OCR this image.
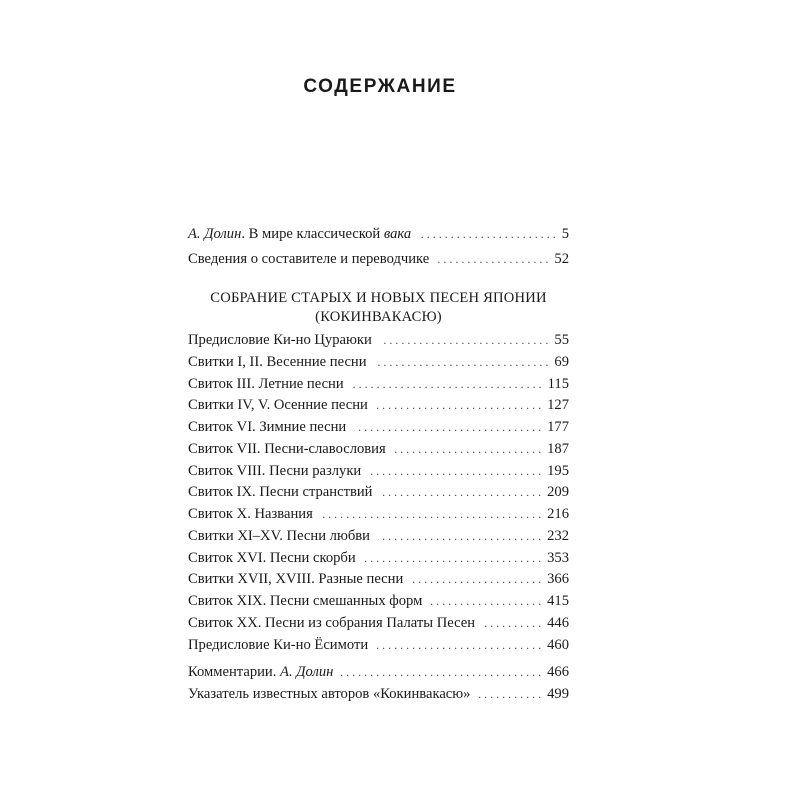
СОДЕРЖАНИЕ
А. Долин. В мире классической вака . . .	5
Сведения о составителе и переводчике . . .	52
СОБРАНИЕ СТАРЫХ И НОВЫХ ПЕСЕН ЯПОНИИ
(КОКИНВАКАСЮ)
Предисловие Ки-но Цураюки . . .	55
Свитки I, II. Весенние песни . . .	69
Свиток III. Летние песни . . .	115
Свитки IV, V. Осенние песни . . .	127
Свиток VI. Зимние песни . . .	177
Свиток VII. Песни-славословия . . .	187
Свиток VIII. Песни разлуки . . .	195
Свиток IX. Песни странствий . . .	209
Свиток X. Названия . . .	216
Свитки XI–XV. Песни любви . . .	232
Свиток XVI. Песни скорби . . .	353
Свитки XVII, XVIII. Разные песни . . .	366
Свиток XIX. Песни смешанных форм . . .	415
Свиток XX. Песни из собрания Палаты Песен . . .	446
Предисловие Ки-но Ёсимоти . . .	460
Комментарии. А. Долин . . .	466
Указатель известных авторов «Кокинвакасю» . . .	499
